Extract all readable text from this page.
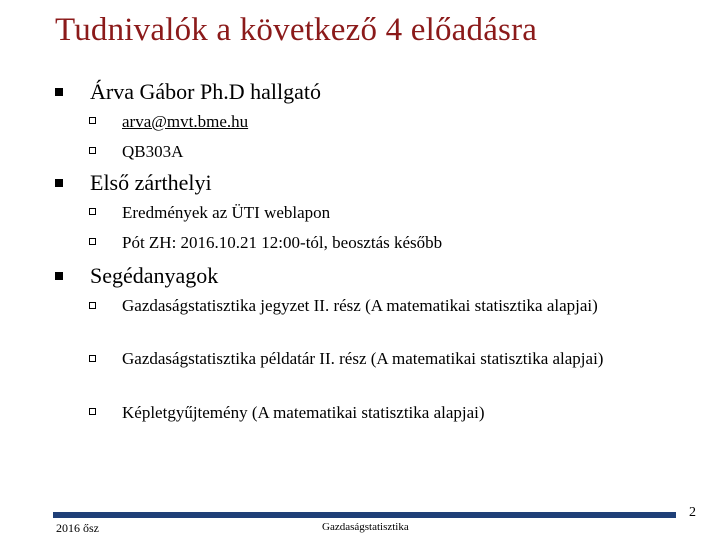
Tudnivalók a következő 4 előadásra
Árva Gábor Ph.D hallgató
arva@mvt.bme.hu
QB303A
Első zárthelyi
Eredmények az ÜTI weblapon
Pót ZH: 2016.10.21 12:00-tól, beosztás később
Segédanyagok
Gazdaságstatisztika jegyzet II. rész (A matematikai statisztika alapjai)
Gazdaságstatisztika példatár II. rész (A matematikai statisztika alapjai)
Képletgyűjtemény (A matematikai statisztika alapjai)
2
2016 ősz	Gazdaságstatisztika
